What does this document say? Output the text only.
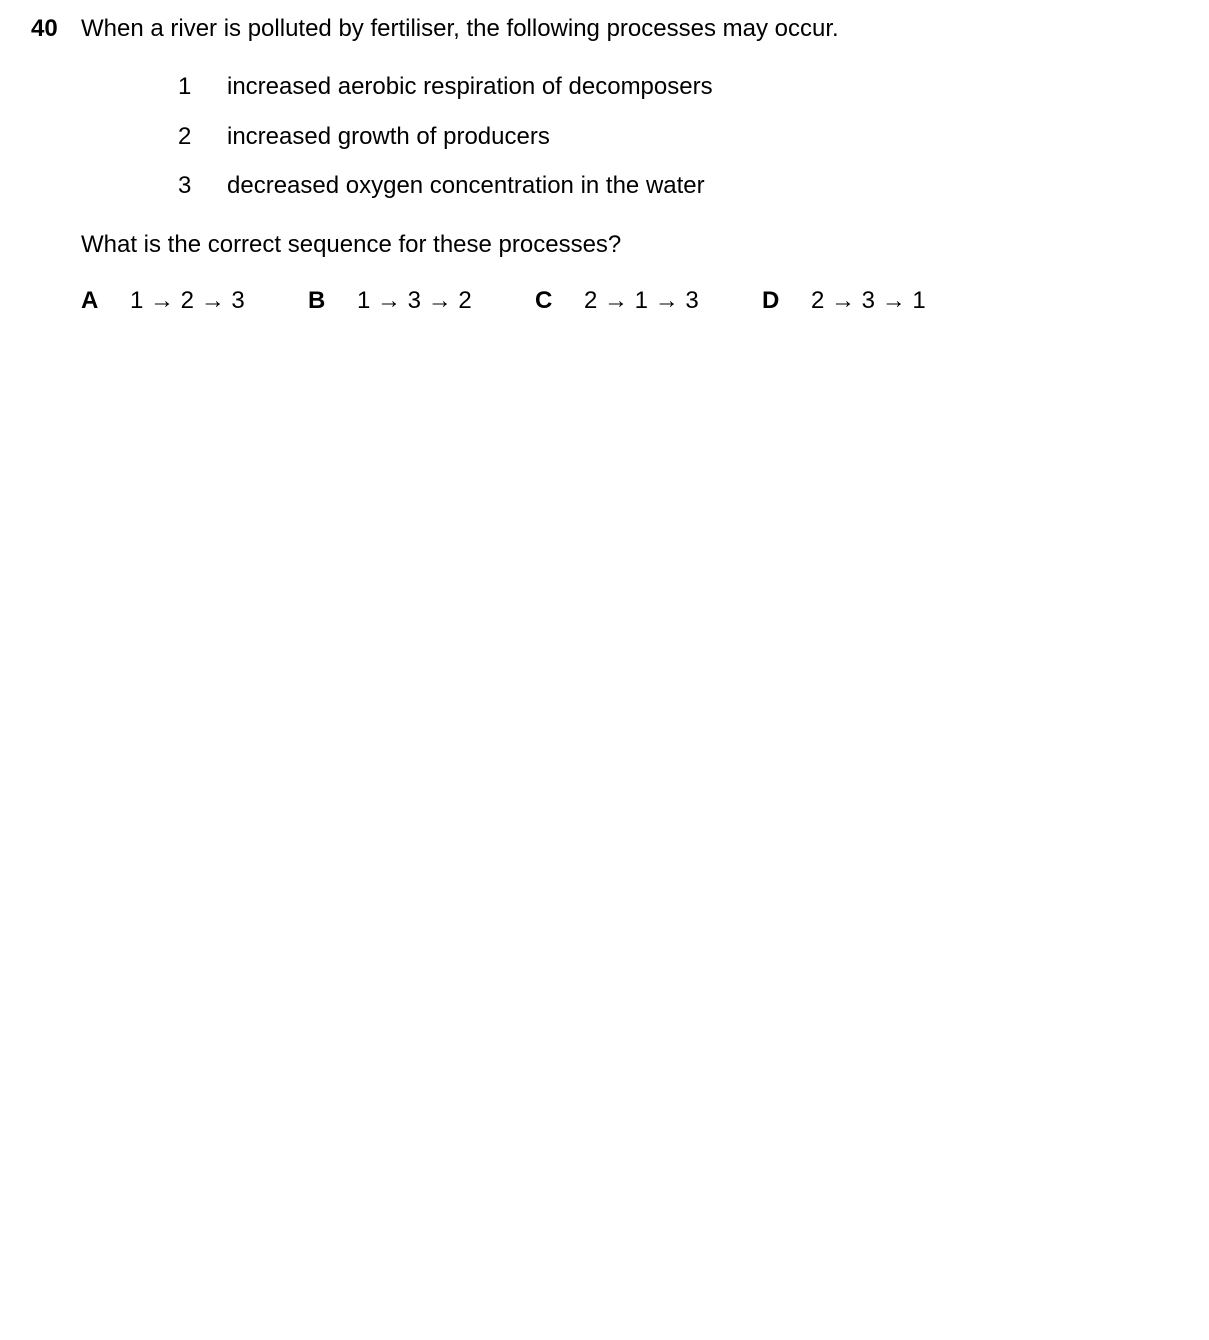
40 When a river is polluted by fertiliser, the following processes may occur.
1 increased aerobic respiration of decomposers
2 increased growth of producers
3 decreased oxygen concentration in the water
What is the correct sequence for these processes?
A 1 → 2 → 3	B 1 → 3 → 2	C 2 → 1 → 3	D 2 → 3 → 1
